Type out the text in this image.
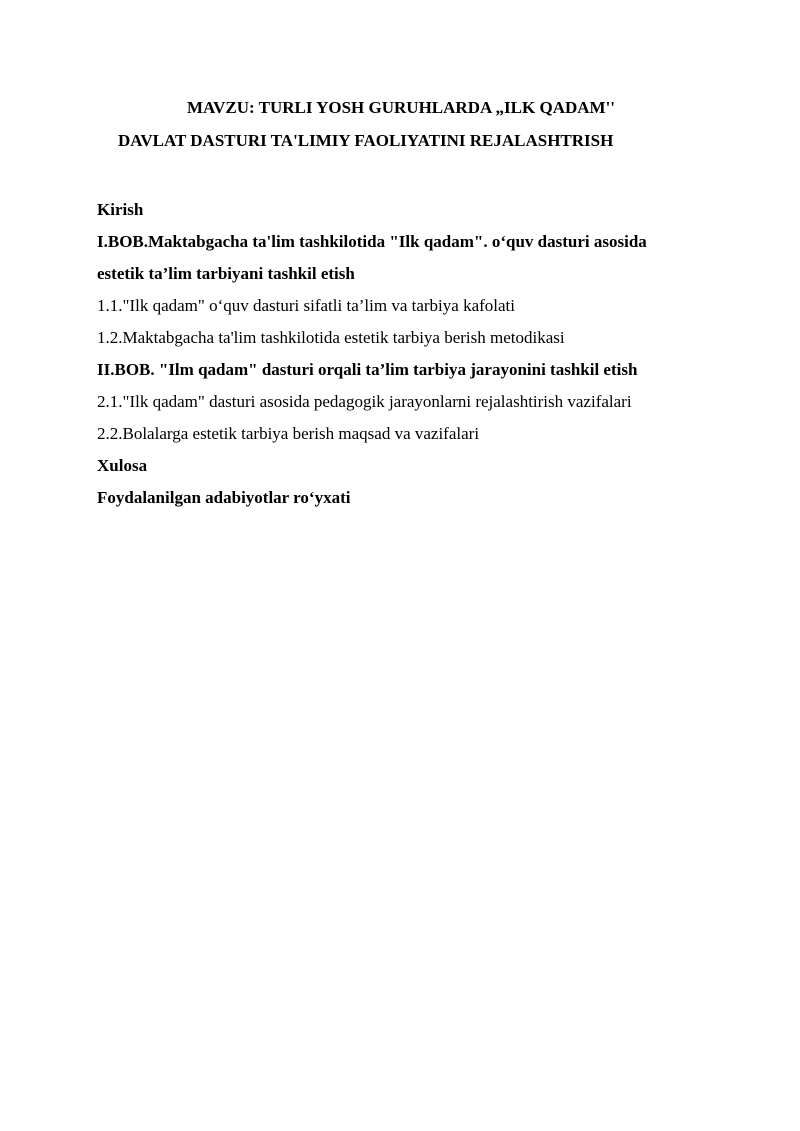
MAVZU: TURLI YOSH GURUHLARDA „ILK QADAM''
DAVLAT DASTURI TA'LIMIY FAOLIYATINI REJALASHTRISH
Kirish
I.BOB.Maktabgacha ta'lim tashkilotida "Ilk qadam". o‘quv dasturi asosida
estetik ta’lim tarbiyani tashkil etish
1.1."Ilk qadam" o‘quv dasturi sifatli ta’lim va tarbiya kafolati
1.2.Maktabgacha ta'lim tashkilotida estetik tarbiya berish metodikasi
II.BOB. "Ilm qadam" dasturi orqali ta’lim tarbiya jarayonini tashkil etish
2.1."Ilk qadam" dasturi asosida pedagogik jarayonlarni rejalashtirish vazifalari
2.2.Bolalarga estetik tarbiya berish maqsad va vazifalari
Xulosa
Foydalanilgan adabiyotlar ro‘yxati
